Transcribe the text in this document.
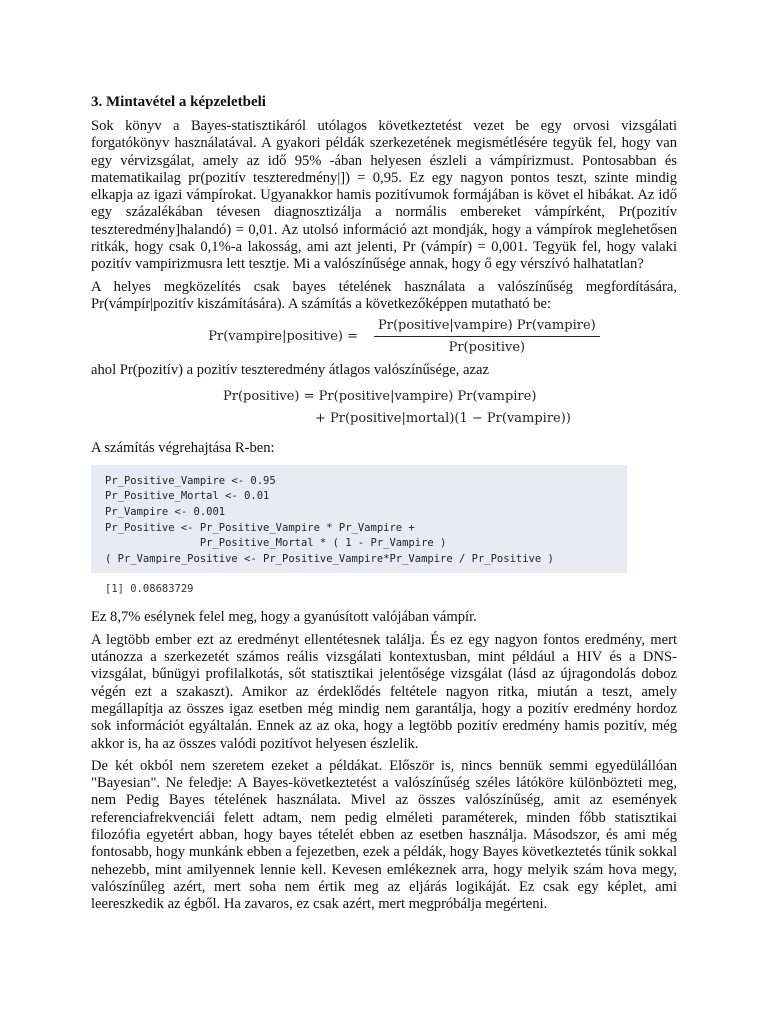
3. Mintavétel a képzeletbeli

Sok könyv a Bayes-statisztikáról utólagos következtetést vezet be egy orvosi vizsgálati forgatókönyv használatával. A gyakori példák szerkezetének megismétlésére tegyük fel, hogy van egy vérvizsgálat, amely az idő 95% -ában helyesen észleli a vámpírizmust. Pontosabban és matematikailag pr(pozitív teszteredmény|]) = 0,95. Ez egy nagyon pontos teszt, szinte mindig elkapja az igazi vámpírokat. Ugyanakkor hamis pozitívumok formájában is követ el hibákat. Az idő egy százalékában tévesen diagnosztizálja a normális embereket vámpírként, Pr(pozitív teszteredmény]halandó) = 0,01. Az utolsó információ azt mondják, hogy a vámpírok meglehetősen ritkák, hogy csak 0,1%-a lakosság, ami azt jelenti, Pr (vámpír) = 0,001. Tegyük fel, hogy valaki pozitív vampirizmusra lett tesztje. Mi a valószínűsége annak, hogy ő egy vérszívó halhatatlan?

A helyes megközelítés csak bayes tételének használata a valószínűség megfordítására, Pr(vámpír|pozitív kiszámítására). A számítás a következőképpen mutatható be:

Pr(vampire|positive) = $\frac{\text{Pr(positive|vampire) Pr(vampire)}}{\text{Pr(positive)}}$

ahol Pr(pozitív) a pozitív teszteredmény átlagos valószínűsége, azaz

Pr(positive) = Pr(positive|vampire) Pr(vampire)
+ Pr(positive|mortal)(1 − Pr(vampire))

A számítás végrehajtása R-ben:

Pr_Positive_Vampire <- 0.95
Pr_Positive_Mortal <- 0.01
Pr_Vampire <- 0.001
Pr_Positive <- Pr_Positive_Vampire * Pr_Vampire +
Pr_Positive_Mortal * ( 1 - Pr_Vampire )
( Pr_Vampire_Positive <- Pr_Positive_Vampire*Pr_Vampire / Pr_Positive )
[1] 0.08683729

Ez 8,7% esélynek felel meg, hogy a gyanúsított valójában vámpír.

A legtöbb ember ezt az eredményt ellentétesnek találja. És ez egy nagyon fontos eredmény, mert utánozza a szerkezetét számos reális vizsgálati kontextusban, mint például a HIV és a DNS-vizsgálat, bűnügyi profilalkotás, sőt statisztikai jelentősége vizsgálat (lásd az újragondolás doboz végén ezt a szakaszt). Amikor az érdeklődés feltétele nagyon ritka, miután a teszt, amely megállapítja az összes igaz esetben még mindig nem garantálja, hogy a pozitív eredmény hordoz sok információt egyáltalán. Ennek az az oka, hogy a legtöbb pozitív eredmény hamis pozitív, még akkor is, ha az összes valódi pozitívot helyesen észlelik.

De két okból nem szeretem ezeket a példákat. Először is, nincs bennük semmi egyedülállóan "Bayesian". Ne feledje: A Bayes-következtetést a valószínűség széles látóköre különbözteti meg, nem Pedig Bayes tételének használata. Mivel az összes valószínűség, amit az események referenciafrekvenciái felett adtam, nem pedig elméleti paraméterek, minden főbb statisztikai filozófia egyetért abban, hogy bayes tételét ebben az esetben használja. Másodszor, és ami még fontosabb, hogy munkánk ebben a fejezetben, ezek a példák, hogy Bayes következtetés tűnik sokkal nehezebb, mint amilyennek lennie kell. Kevesen emlékeznek arra, hogy melyik szám hova megy, valószínűleg azért, mert soha nem értik meg az eljárás logikáját. Ez csak egy képlet, ami leereszkedik az égből. Ha zavaros, ez csak azért, mert megpróbálja megérteni.
